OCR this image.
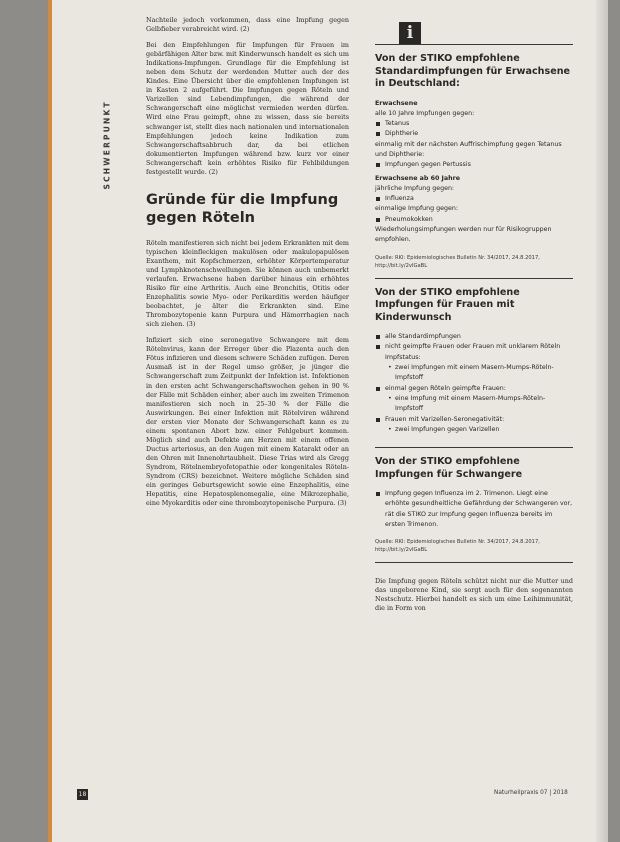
SCHWERPUNKT

Nachteile jedoch vorkommen, dass eine Impfung gegen Gelbfieber verabreicht wird. (2)

Bei den Empfehlungen für Impfungen für Frauen im gebärfähigen Alter bzw. mit Kinderwunsch handelt es sich um Indikations-Impfungen. Grundlage für die Empfehlung ist neben dem Schutz der werdenden Mutter auch der des Kindes. Eine Übersicht über die empfohlenen Impfungen ist in Kasten 2 aufgeführt. Die Impfungen gegen Röteln und Varizellen sind Lebendimpfungen, die während der Schwangerschaft eine möglichst vermieden werden dürfen. Wird eine Frau geimpft, ohne zu wissen, dass sie bereits schwanger ist, stellt dies nach nationalen und internationalen Empfehlungen jedoch keine Indikation zum Schwangerschaftsabbruch dar, da bei etlichen dokumentierten Impfungen während bzw. kurz vor einer Schwangerschaft kein erhöhtes Risiko für Fehlbildungen festgestellt wurde. (2)

Gründe für die Impfung gegen Röteln

Röteln manifestieren sich nicht bei jedem Erkrankten mit dem typischen kleinfleckigen makulösen oder makulopapulösen Exanthem, mit Kopfschmerzen, erhöhter Körpertemperatur und Lymphknotenschwellungen. Sie können auch unbemerkt verlaufen. Erwachsene haben darüber hinaus ein erhöhtes Risiko für eine Arthritis. Auch eine Bronchitis, Otitis oder Enzephalitis sowie Myo- oder Perikarditis werden häufiger beobachtet, je älter die Erkrankten sind. Eine Thrombozytopenie kann Purpura und Hämorrhagien nach sich ziehen. (3)

Infiziert sich eine seronegative Schwangere mit dem Rötelnvirus, kann der Erreger über die Plazenta auch den Fötus infizieren und diesem schwere Schäden zufügen. Deren Ausmaß ist in der Regel umso größer, je jünger die Schwangerschaft zum Zeitpunkt der Infektion ist. Infektionen in den ersten acht Schwangerschaftswochen gehen in 90 % der Fälle mit Schäden einher, aber auch im zweiten Trimenon manifestieren sich noch in 25–30 % der Fälle die Auswirkungen. Bei einer Infektion mit Rötelviren während der ersten vier Monate der Schwangerschaft kann es zu einem spontanen Abort bzw. einer Fehlgeburt kommen. Möglich sind auch Defekte am Herzen mit einem offenen Ductus arteriosus, an den Augen mit einem Katarakt oder an den Ohren mit Innenohrtaubheit. Diese Trias wird als Gregg Syndrom, Rötelnembryofetopathie oder kongenitales Röteln-Syndrom (CRS) bezeichnet. Weitere mögliche Schäden sind ein geringes Geburtsgewicht sowie eine Enzephalitis, eine Hepatitis, eine Hepatosplenomegalie, eine Mikrozephalie, eine Myokarditis oder eine thrombozytopenische Purpura. (3)

i
Von der STIKO empfohlene Standardimpfungen für Erwachsene in Deutschland:

Erwachsene

alle 10 Jahre Impfungen gegen:

Tetanus

Diphtherie

einmalig mit der nächsten Auffrischimpfung gegen Tetanus und Diphtherie:

Impfungen gegen Pertussis

Erwachsene ab 60 Jahre

jährliche Impfung gegen:

Influenza

einmalige Impfung gegen:

Pneumokokken

Wiederholungsimpfungen werden nur für Risikogruppen empfohlen.

Quelle: RKI: Epidemiologisches Bulletin Nr. 34/2017, 24.8.2017, http://bit.ly/2vIGaBL

Von der STIKO empfohlene Impfungen für Frauen mit Kinderwunsch

alle Standardimpfungen

nicht geimpfte Frauen oder Frauen mit unklarem Röteln Impfstatus:

• zwei Impfungen mit einem Masern-Mumps-Röteln-Impfstoff

einmal gegen Röteln geimpfte Frauen:

• eine Impfung mit einem Masern-Mumps-Röteln-Impfstoff

Frauen mit Varizellen-Seronegativität:

• zwei Impfungen gegen Varizellen

Von der STIKO empfohlene Impfungen für Schwangere

Impfung gegen Influenza im 2. Trimenon. Liegt eine erhöhte gesundheitliche Gefährdung der Schwangeren vor, rät die STIKO zur Impfung gegen Influenza bereits im ersten Trimenon.

Quelle: RKI: Epidemiologisches Bulletin Nr. 34/2017, 24.8.2017, http://bit.ly/2vIGaBL

Die Impfung gegen Röteln schützt nicht nur die Mutter und das ungeborene Kind, sie sorgt auch für den sogenannten Nestschutz. Hierbei handelt es sich um eine Leihimmunität, die in Form von

18	Naturheilpraxis 07 | 2018
